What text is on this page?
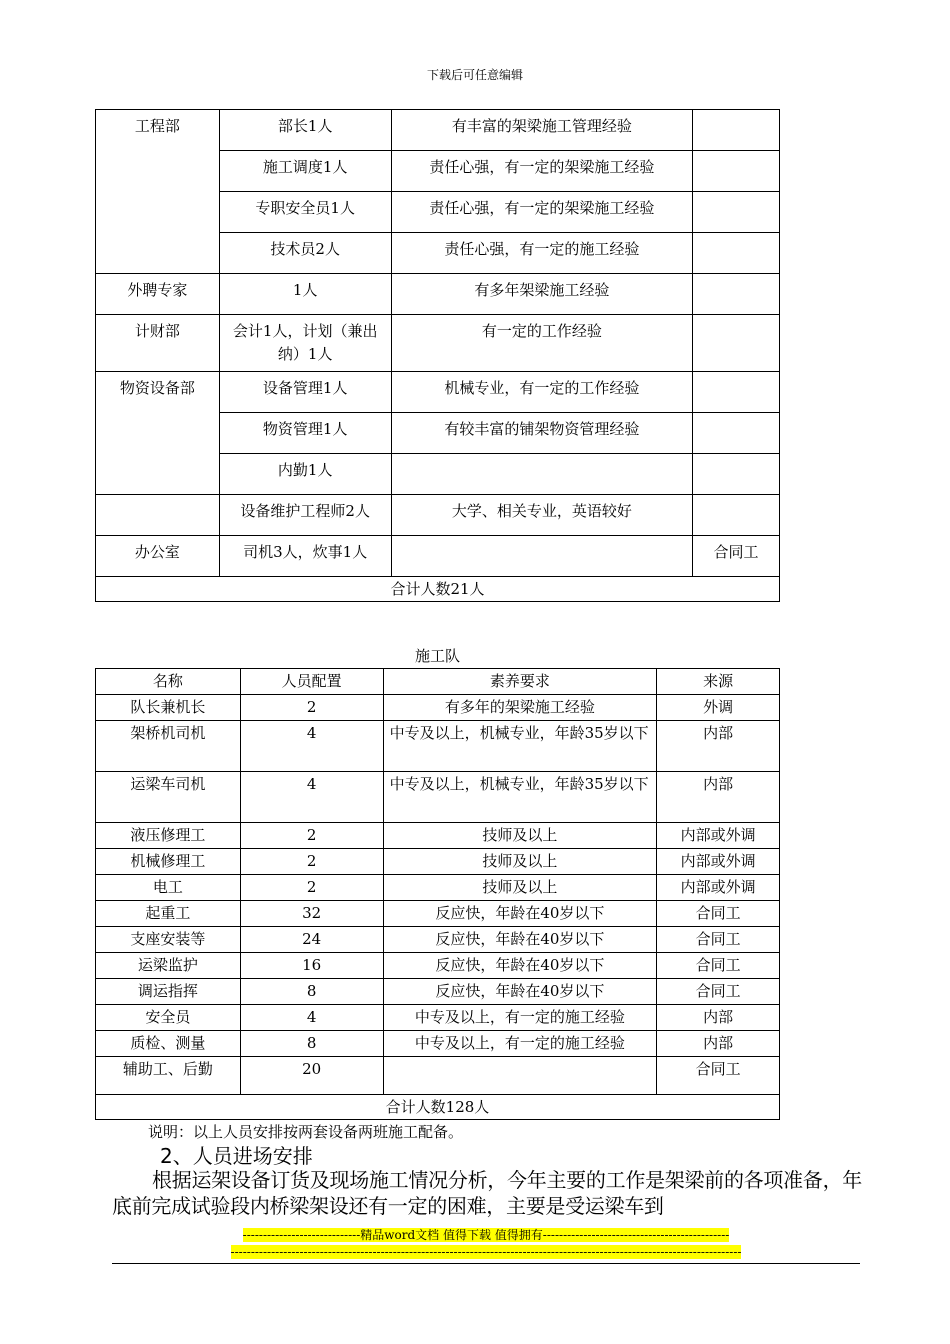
下载后可任意编辑
工程部	部长1人	有丰富的架梁施工管理经验	
	施工调度1人	责任心强，有一定的架梁施工经验	
	专职安全员1人	责任心强，有一定的架梁施工经验	
	技术员2人	责任心强，有一定的施工经验	
外聘专家	1人	有多年架梁施工经验	
计财部	会计1人，计划（兼出纳）1人	有一定的工作经验	
物资设备部	设备管理1人	机械专业，有一定的工作经验	
	物资管理1人	有较丰富的铺架物资管理经验	
	内勤1人		
	设备维护工程师2人	大学、相关专业，英语较好	
办公室	司机3人，炊事1人		合同工
合计人数21人			
施工队
名称	人员配置	素养要求	来源
队长兼机长	2	有多年的架梁施工经验	外调
架桥机司机	4	中专及以上，机械专业，年龄35岁以下	内部
运梁车司机	4	中专及以上，机械专业，年龄35岁以下	内部
液压修理工	2	技师及以上	内部或外调
机械修理工	2	技师及以上	内部或外调
电工	2	技师及以上	内部或外调
起重工	32	反应快，年龄在40岁以下	合同工
支座安装等	24	反应快，年龄在40岁以下	合同工
运梁监护	16	反应快，年龄在40岁以下	合同工
调运指挥	8	反应快，年龄在40岁以下	合同工
安全员	4	中专及以上，有一定的施工经验	内部
质检、测量	8	中专及以上，有一定的施工经验	内部
辅助工、后勤	20		合同工
合计人数128人			
说明：以上人员安排按两套设备两班施工配备。
2、人员进场安排
根据运架设备订货及现场施工情况分析，今年主要的工作是架梁前的各项准备，年底前完成试验段内桥梁架设还有一定的困难，主要是受运梁车到
-----------------------------精品word文档 值得下载 值得拥有----------------------------------------------
------------------------------------------------------------------------------------------------------------------------------
